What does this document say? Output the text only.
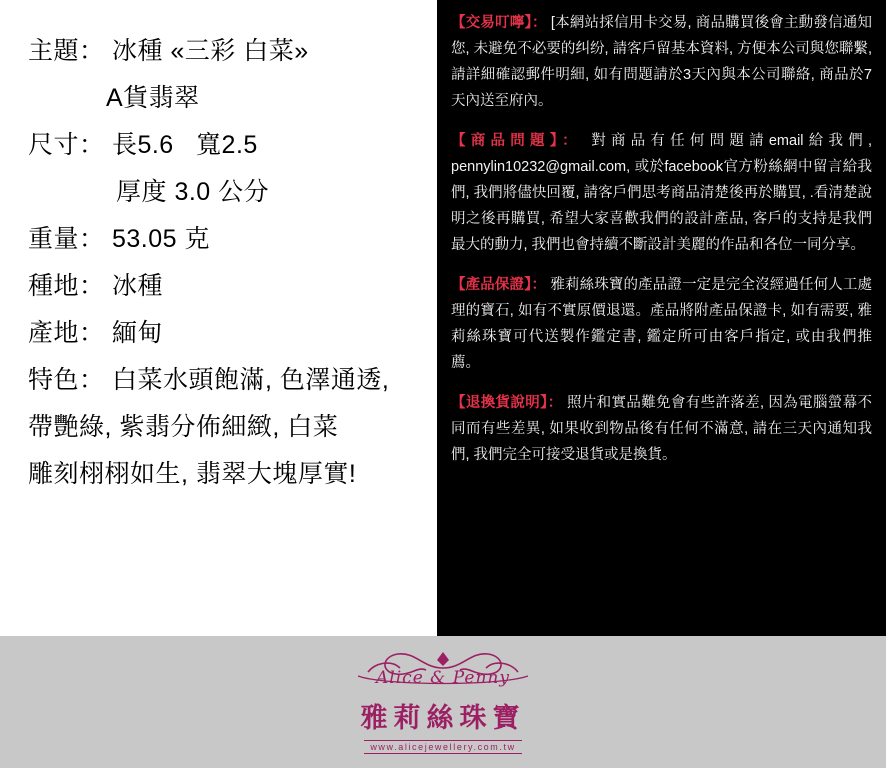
主題： 冰種 «三彩 白菜»
A貨翡翠
尺寸： 長5.6   寬2.5
厚度 3.0 公分
重量： 53.05 克
種地： 冰種
產地： 緬甸
特色： 白菜水頭飽滿, 色澤通透,
帶艷綠, 紫翡分佈細緻, 白菜
雕刻栩栩如生, 翡翠大塊厚實!
【交易叮嚀】： [本網站採信用卡交易, 商品購買後會主動發信通知您, 未避免不必要的纠纷, 請客戶留基本資料, 方便本公司與您聯繫, 請詳細確認郵件明細, 如有問題請於3天內與本公司聯絡, 商品於7天內送至府內。
【商品問題】： 對商品有任何問題請email給我們, pennylin10232@gmail.com, 或於facebook官方粉絲網中留言給我們, 我們將儘快回覆, 請客戶們思考商品清楚後再於購買, .看清楚說明之後再購買, 希望大家喜歡我們的設計產品, 客戶的支持是我們最大的動力, 我們也會持續不斷設計美麗的作品和各位一同分享。
【產品保證】： 雅莉絲珠寶的產品證一定是完全沒經過任何人工處理的寶石, 如有不實原價退還。產品將附產品保證卡, 如有需要, 雅莉絲珠寶可代送製作鑑定書, 鑑定所可由客戶指定, 或由我們推薦。
【退換貨說明】： 照片和實品難免會有些許落差, 因為電腦螢幕不同而有些差異, 如果收到物品後有任何不滿意, 請在三天內通知我們, 我們完全可接受退貨或是換貨。
Alice & Penny
雅莉絲珠寶
www.alicejewellery.com.tw
